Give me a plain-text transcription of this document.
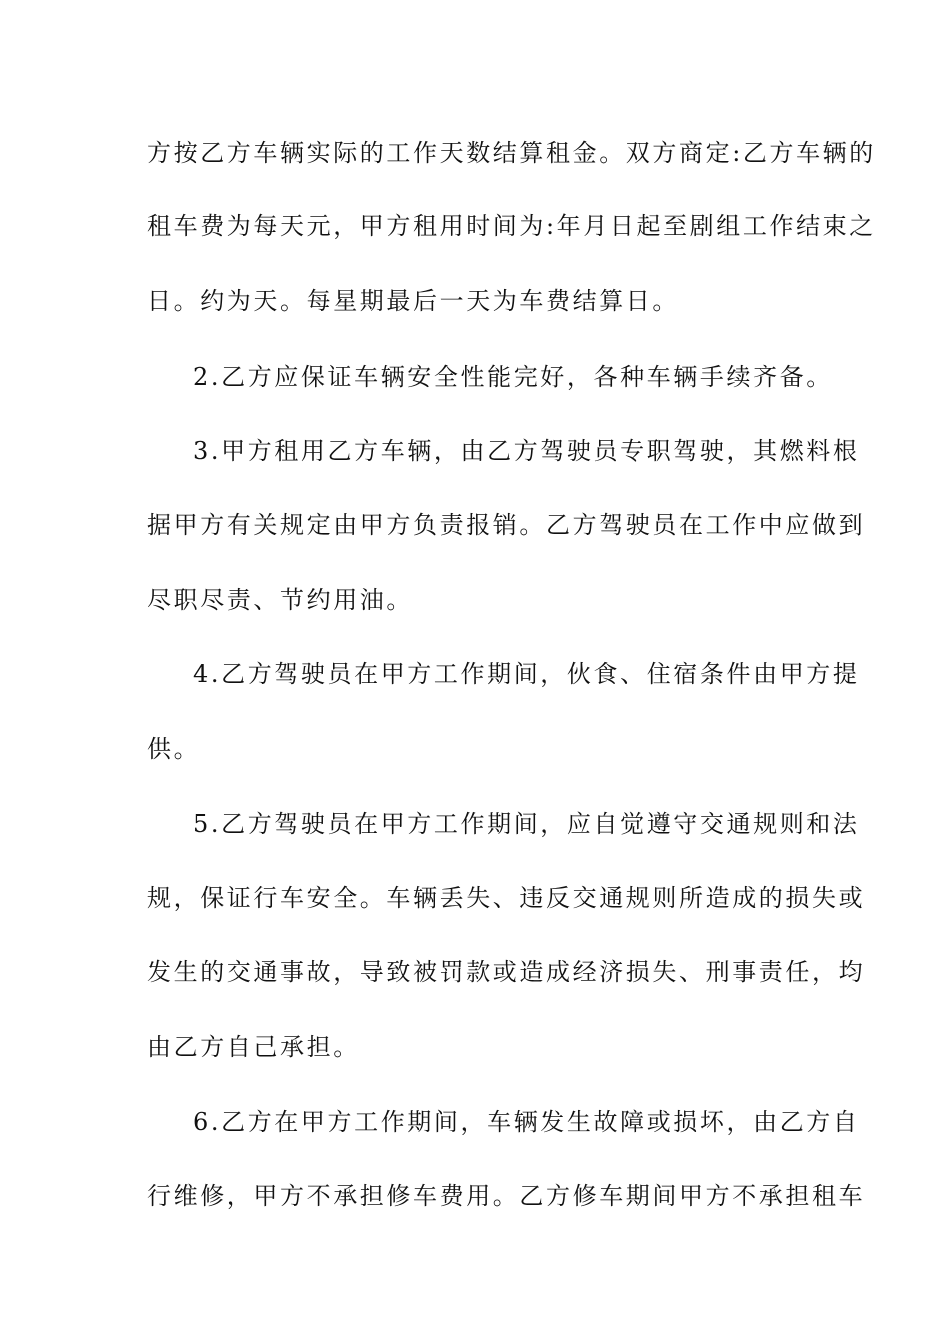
方按乙方车辆实际的工作天数结算租金。双方商定:乙方车辆的
租车费为每天元，甲方租用时间为:年月日起至剧组工作结束之
日。约为天。每星期最后一天为车费结算日。
2.乙方应保证车辆安全性能完好，各种车辆手续齐备。
3.甲方租用乙方车辆，由乙方驾驶员专职驾驶，其燃料根
据甲方有关规定由甲方负责报销。乙方驾驶员在工作中应做到
尽职尽责、节约用油。
4.乙方驾驶员在甲方工作期间，伙食、住宿条件由甲方提
供。
5.乙方驾驶员在甲方工作期间，应自觉遵守交通规则和法
规，保证行车安全。车辆丢失、违反交通规则所造成的损失或
发生的交通事故，导致被罚款或造成经济损失、刑事责任，均
由乙方自己承担。
6.乙方在甲方工作期间，车辆发生故障或损坏，由乙方自
行维修，甲方不承担修车费用。乙方修车期间甲方不承担租车
